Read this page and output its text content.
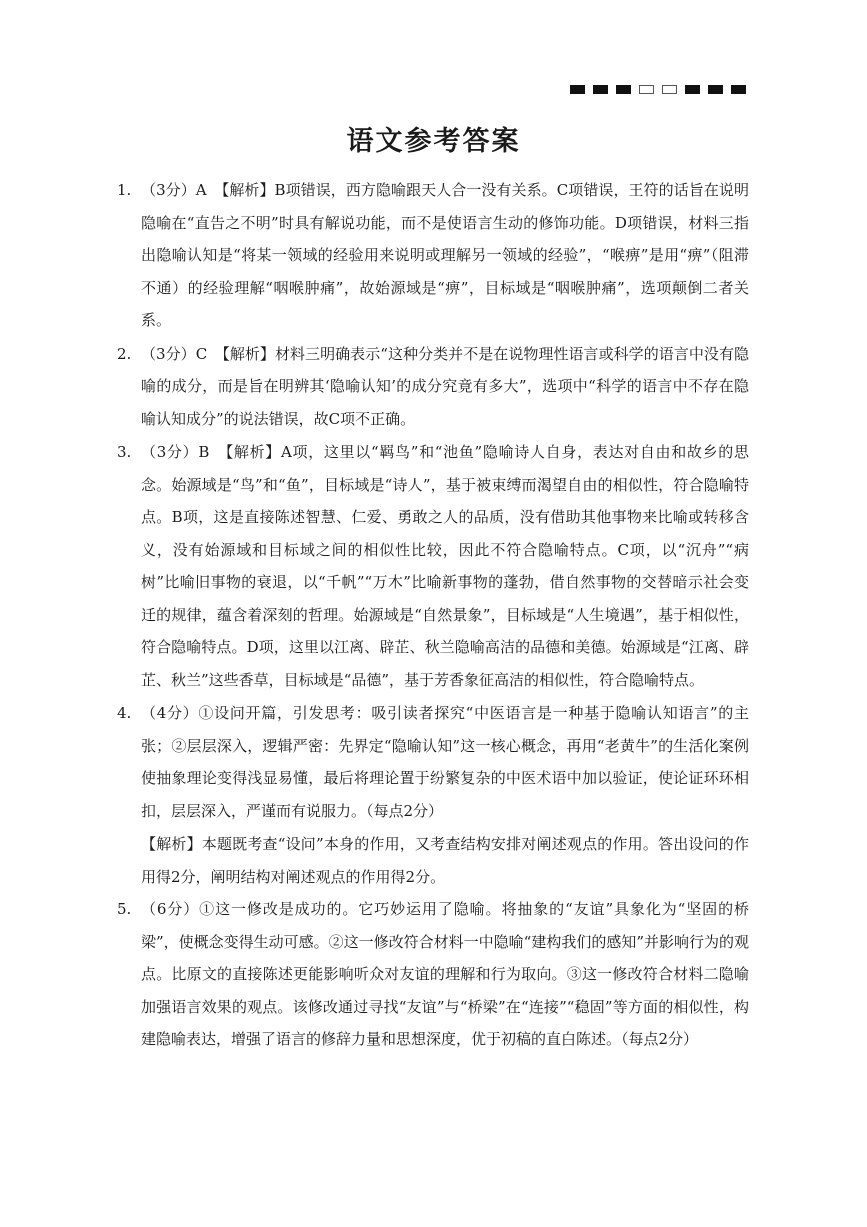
语文参考答案
1. （3分）A　【解析】B项错误，西方隐喻跟天人合一没有关系。C项错误，王符的话旨在说明隐喻在“直告之不明”时具有解说功能，而不是使语言生动的修饰功能。D项错误，材料三指出隐喻认知是“将某一领域的经验用来说明或理解另一领域的经验”，“喉痹”是用“痹”（阻滞不通）的经验理解“咽喉肿痛”，故始源域是“痹”，目标域是“咽喉肿痛”，选项颠倒二者关系。
2. （3分）C　【解析】材料三明确表示“这种分类并不是在说物理性语言或科学的语言中没有隐喻的成分，而是旨在明辨其‘隐喻认知’的成分究竟有多大”，选项中“科学的语言中不存在隐喻认知成分”的说法错误，故C项不正确。
3. （3分）B　【解析】A项，这里以“羁鸟”和“池鱼”隐喻诗人自身，表达对自由和故乡的思念。始源域是“鸟”和“鱼”，目标域是“诗人”，基于被束缚而渴望自由的相似性，符合隐喻特点。B项，这是直接陈述智慧、仁爱、勇敢之人的品质，没有借助其他事物来比喻或转移含义，没有始源域和目标域之间的相似性比较，因此不符合隐喻特点。C项，以“沉舟”“病树”比喻旧事物的衰退，以“千帆”“万木”比喻新事物的蓬勃，借自然事物的交替暗示社会变迁的规律，蕴含着深刻的哲理。始源域是“自然景象”，目标域是“人生境遇”，基于相似性，符合隐喻特点。D项，这里以江离、辟芷、秋兰隐喻高洁的品德和美德。始源域是“江离、辟芷、秋兰”这些香草，目标域是“品德”，基于芳香象征高洁的相似性，符合隐喻特点。
4. （4分）①设问开篇，引发思考：吸引读者探究“中医语言是一种基于隐喻认知语言”的主张；②层层深入，逻辑严密：先界定“隐喻认知”这一核心概念，再用“老黄牛”的生活化案例使抽象理论变得浅显易懂，最后将理论置于纷繁复杂的中医术语中加以验证，使论证环环相扣，层层深入，严谨而有说服力。（每点2分）
【解析】本题既考查“设问”本身的作用，又考查结构安排对阐述观点的作用。答出设问的作用得2分，阐明结构对阐述观点的作用得2分。
5. （6分）①这一修改是成功的。它巧妙运用了隐喻。将抽象的“友谊”具象化为“坚固的桥梁”，使概念变得生动可感。②这一修改符合材料一中隐喻“建构我们的感知”并影响行为的观点。比原文的直接陈述更能影响听众对友谊的理解和行为取向。③这一修改符合材料二隐喻加强语言效果的观点。该修改通过寻找“友谊”与“桥梁”在“连接”“稳固”等方面的相似性，构建隐喻表达，增强了语言的修辞力量和思想深度，优于初稿的直白陈述。（每点2分）
